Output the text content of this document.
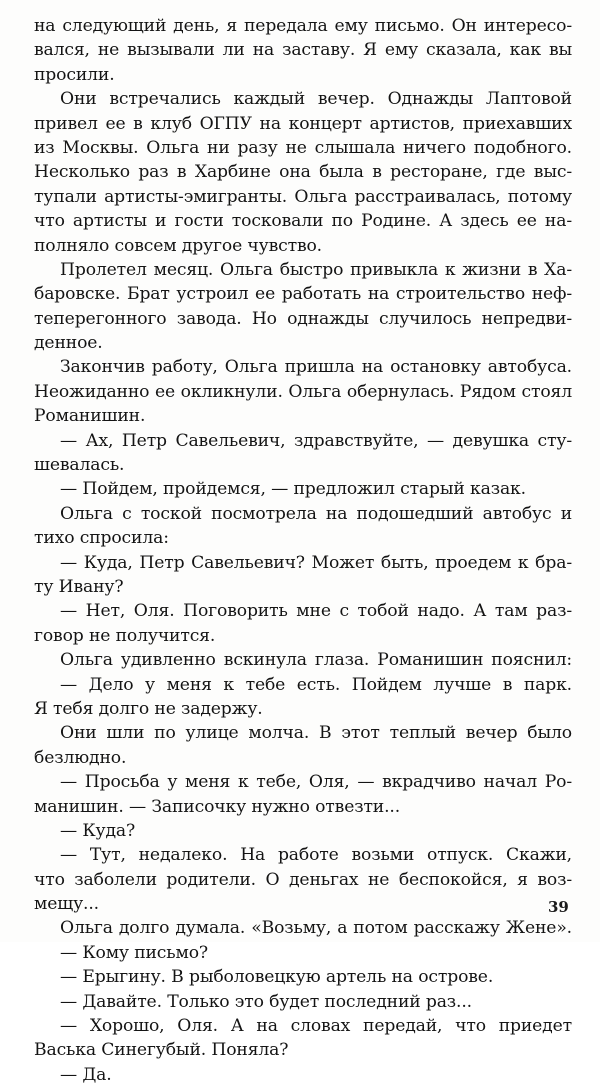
на следующий день, я передала ему письмо. Он интересо-
вался, не вызывали ли на заставу. Я ему сказала, как вы
просили.
Они встречались каждый вечер. Однажды Лаптовой
привел ее в клуб ОГПУ на концерт артистов, приехавших
из Москвы. Ольга ни разу не слышала ничего подобного.
Несколько раз в Харбине она была в ресторане, где выс-
тупали артисты-эмигранты. Ольга расстраивалась, потому
что артисты и гости тосковали по Родине. А здесь ее на-
полняло совсем другое чувство.
Пролетел месяц. Ольга быстро привыкла к жизни в Ха-
баровске. Брат устроил ее работать на строительство неф-
теперегонного завода. Но однажды случилось непредви-
денное.
Закончив работу, Ольга пришла на остановку автобуса.
Неожиданно ее окликнули. Ольга обернулась. Рядом стоял
Романишин.
— Ах, Петр Савельевич, здравствуйте, — девушка сту-
шевалась.
— Пойдем, пройдемся, — предложил старый казак.
Ольга с тоской посмотрела на подошедший автобус и
тихо спросила:
— Куда, Петр Савельевич? Может быть, проедем к бра-
ту Ивану?
— Нет, Оля. Поговорить мне с тобой надо. А там раз-
говор не получится.
Ольга удивленно вскинула глаза. Романишин пояснил:
— Дело у меня к тебе есть. Пойдем лучше в парк.
Я тебя долго не задержу.
Они шли по улице молча. В этот теплый вечер было
безлюдно.
— Просьба у меня к тебе, Оля, — вкрадчиво начал Ро-
манишин. — Записочку нужно отвезти...
— Куда?
— Тут, недалеко. На работе возьми отпуск. Скажи,
что заболели родители. О деньгах не беспокойся, я воз-
мещу...
Ольга долго думала. «Возьму, а потом расскажу Жене».
— Кому письмо?
— Ерыгину. В рыболовецкую артель на острове.
— Давайте. Только это будет последний раз...
— Хорошо, Оля. А на словах передай, что приедет
Васька Синегубый. Поняла?
— Да.
39
